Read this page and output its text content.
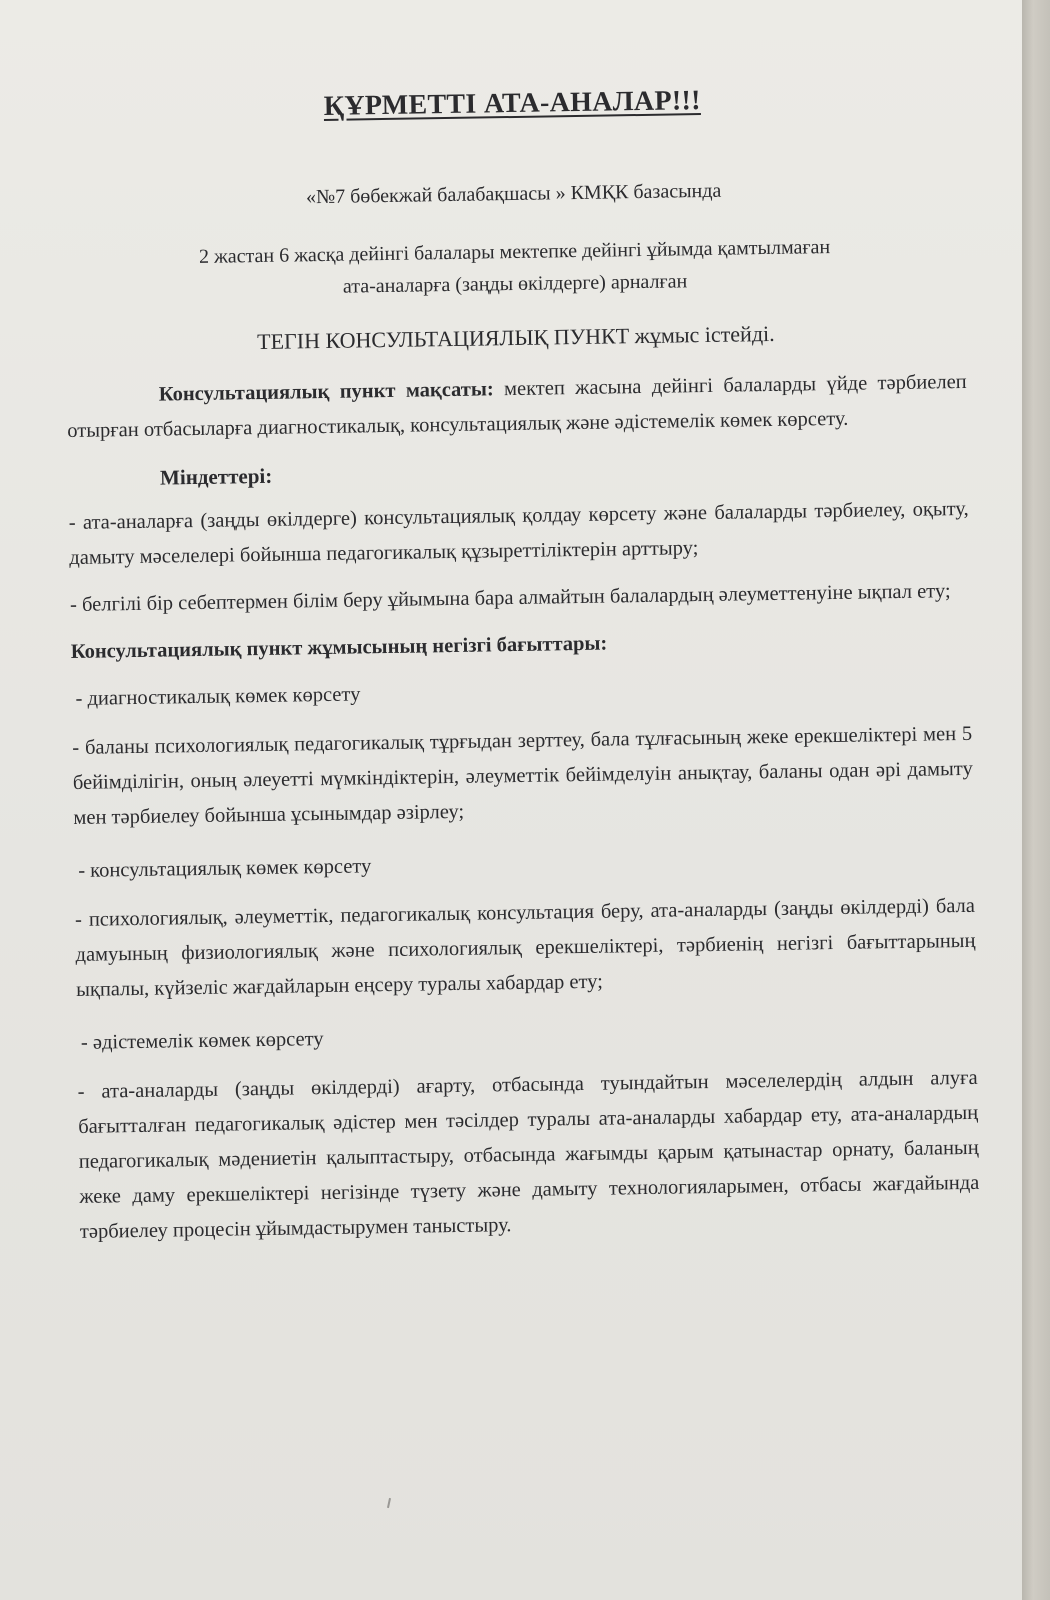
ҚҰРМЕТТІ АТА-АНАЛАР!!!

«№7 бөбекжай балабақшасы » КМҚК базасында

2 жастан 6 жасқа дейінгі балалары мектепке дейінгі ұйымда қамтылмаған

ата-аналарға (заңды өкілдерге) арналған

ТЕГІН КОНСУЛЬТАЦИЯЛЫҚ ПУНКТ жұмыс істейді.

Консультациялық пункт мақсаты: мектеп жасына дейінгі балаларды үйде тәрбиелеп отырған отбасыларға диагностикалық, консультациялық және әдістемелік көмек көрсету.

Міндеттері:

- ата-аналарға (заңды өкілдерге) консультациялық қолдау көрсету және балаларды тәрбиелеу, оқыту, дамыту мәселелері бойынша педагогикалық құзыреттіліктерін арттыру;

- белгілі бір себептермен білім беру ұйымына бара алмайтын балалардың әлеуметтенуіне ықпал ету;

Консультациялық пункт жұмысының негізгі бағыттары:

- диагностикалық көмек көрсету

- баланы психологиялық педагогикалық тұрғыдан зерттеу, бала тұлғасының жеке ерекшеліктері мен 5 бейімділігін, оның әлеуетті мүмкіндіктерін, әлеуметтік бейімделуін анықтау, баланы одан әрі дамыту мен тәрбиелеу бойынша ұсынымдар әзірлеу;

- консультациялық көмек көрсету

- психологиялық, әлеуметтік, педагогикалық консультация беру, ата-аналарды (заңды өкілдерді) бала дамуының физиологиялық және психологиялық ерекшеліктері, тәрбиенің негізгі бағыттарының ықпалы, күйзеліс жағдайларын еңсеру туралы хабардар ету;

- әдістемелік көмек көрсету

- ата-аналарды (заңды өкілдерді) ағарту, отбасында туындайтын мәселелердің алдын алуға бағытталған педагогикалық әдістер мен тәсілдер туралы ата-аналарды хабардар ету, ата-аналардың педагогикалық мәдениетін қалыптастыру, отбасында жағымды қарым қатынастар орнату, баланың жеке даму ерекшеліктері негізінде түзету және дамыту технологияларымен, отбасы жағдайында тәрбиелеу процесін ұйымдастырумен таныстыру.
